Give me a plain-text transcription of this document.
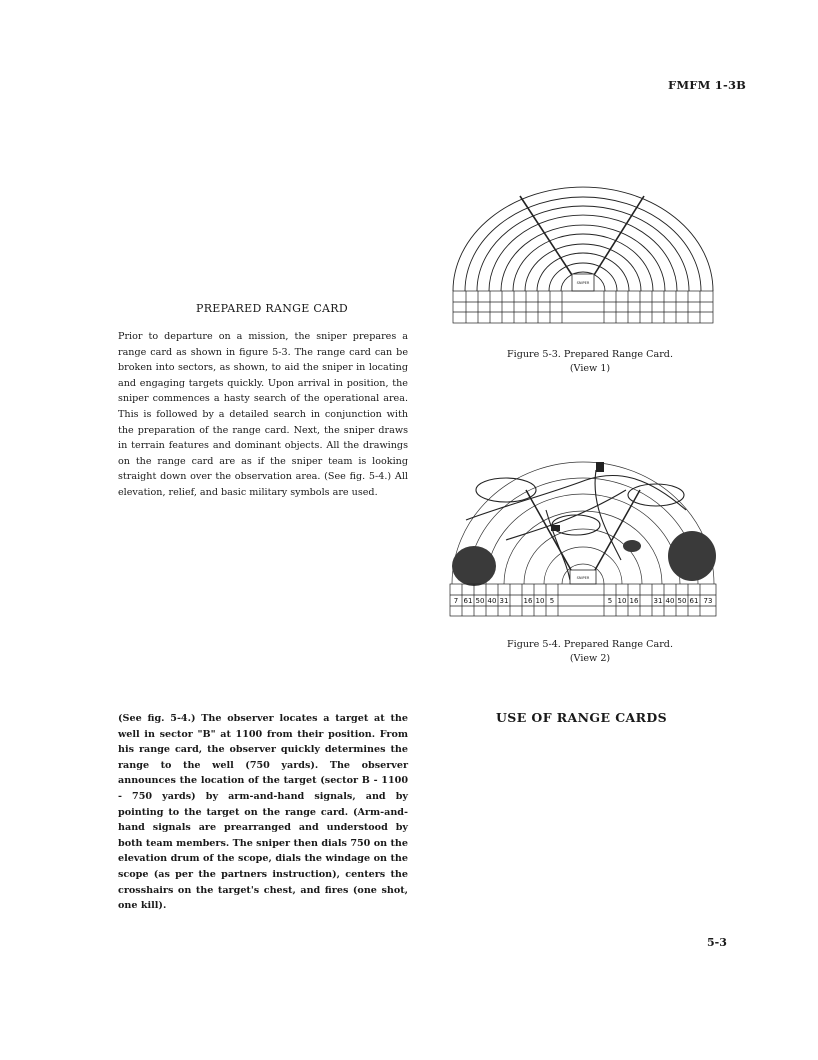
FMFM 1-3B
PREPARED RANGE CARD
Prior to departure on a mission, the sniper prepares a range card as shown in figure 5-3. The range card can be broken into sectors, as shown, to aid the sniper in locating and engaging targets quickly. Upon arrival in position, the sniper commences a hasty search of the operational area. This is followed by a detailed search in conjunction with the preparation of the range card. Next, the sniper draws in terrain features and dominant objects. All the drawings on the range card are as if the sniper team is looking straight down over the observation area. (See fig. 5-4.) All elevation, relief, and basic military symbols are used.
SNIPER
Figure 5-3. Prepared Range Card.
(View 1)
SNIPER
7 61 50 40 31 16 10 5	5 10 16 31 40 50 61 73
Figure 5-4. Prepared Range Card.
(View 2)
USE OF RANGE CARDS
(See fig. 5-4.) The observer locates a target at the well in sector "B" at 1100 from their position. From his range card, the observer quickly determines the range to the well (750 yards). The observer announces the location of the target (sector B - 1100 - 750 yards) by arm-and-hand signals, and by pointing to the target on the range card. (Arm-and-hand signals are prearranged and understood by both team members. The sniper then dials 750 on the elevation drum of the scope, dials the windage on the scope (as per the partners instruction), centers the crosshairs on the target's chest, and fires (one shot, one kill).
5-3
